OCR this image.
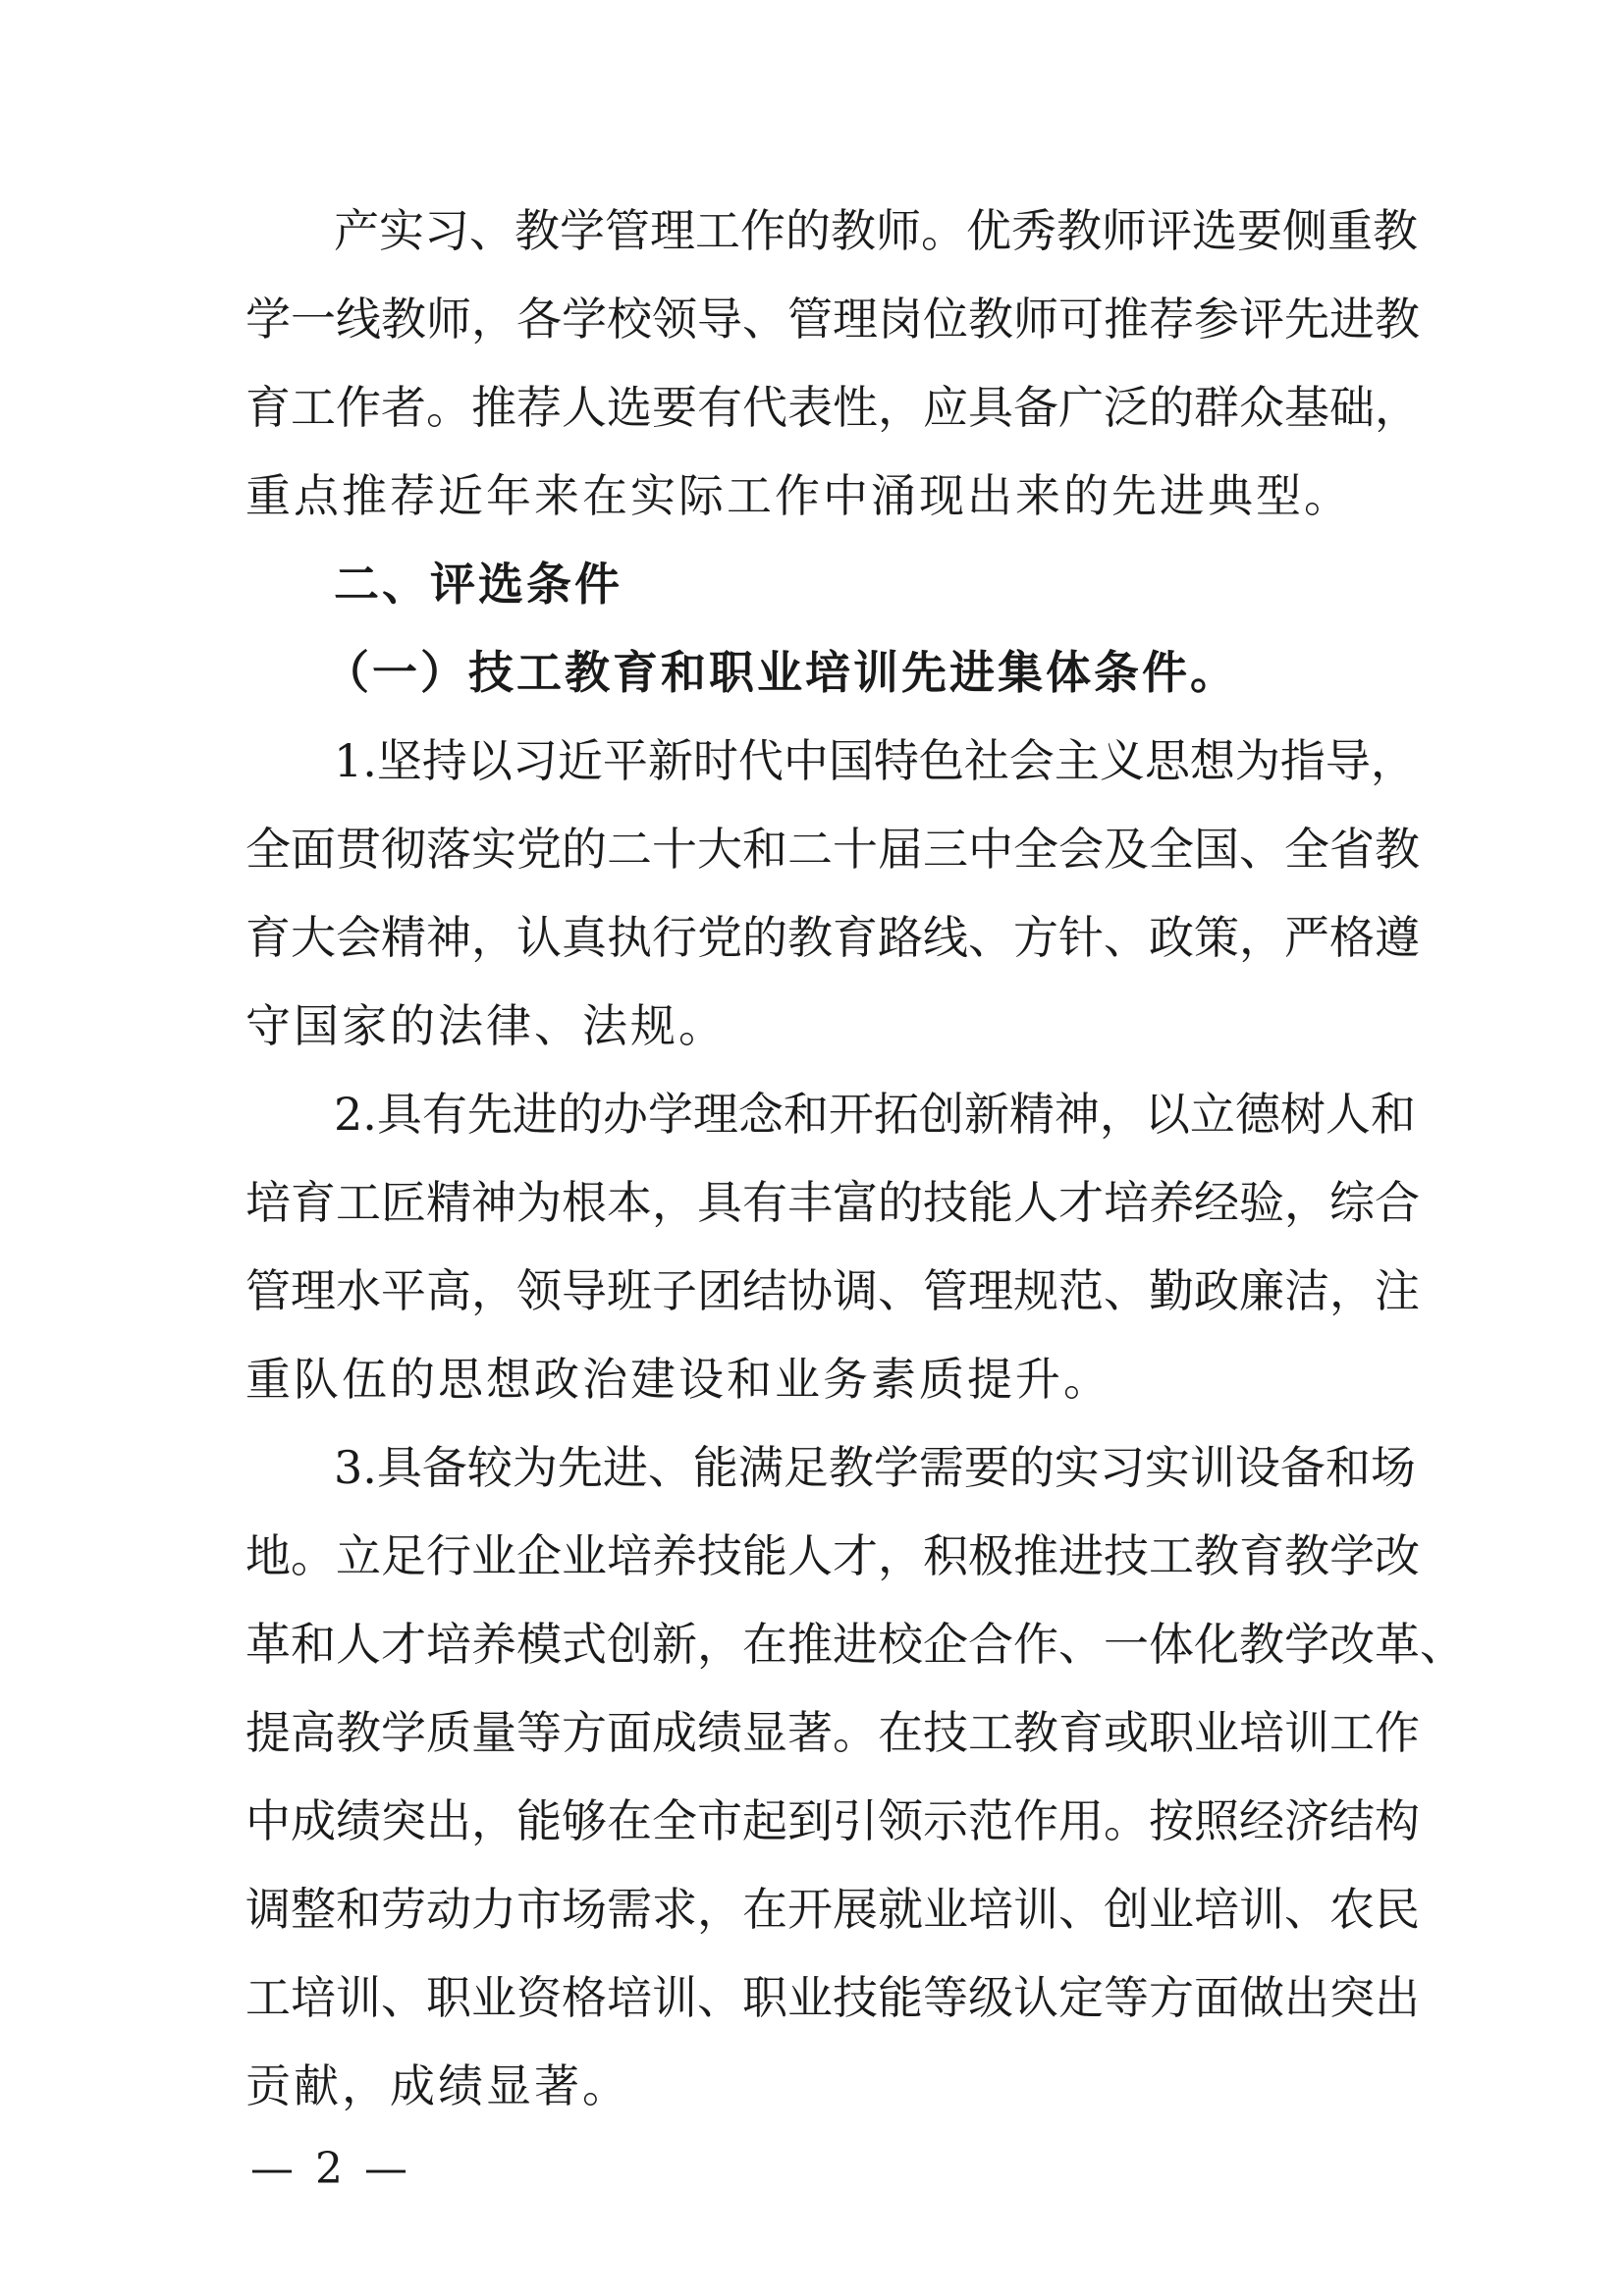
产实习、教学管理工作的教师。优秀教师评选要侧重教
学一线教师，各学校领导、管理岗位教师可推荐参评先进教
育工作者。推荐人选要有代表性，应具备广泛的群众基础，
重点推荐近年来在实际工作中涌现出来的先进典型。
二、评选条件
（一）技工教育和职业培训先进集体条件。
1.坚持以习近平新时代中国特色社会主义思想为指导，
全面贯彻落实党的二十大和二十届三中全会及全国、全省教
育大会精神，认真执行党的教育路线、方针、政策，严格遵
守国家的法律、法规。
2.具有先进的办学理念和开拓创新精神，以立德树人和
培育工匠精神为根本，具有丰富的技能人才培养经验，综合
管理水平高，领导班子团结协调、管理规范、勤政廉洁，注
重队伍的思想政治建设和业务素质提升。
3.具备较为先进、能满足教学需要的实习实训设备和场
地。立足行业企业培养技能人才，积极推进技工教育教学改
革和人才培养模式创新，在推进校企合作、一体化教学改革、
提高教学质量等方面成绩显著。在技工教育或职业培训工作
中成绩突出，能够在全市起到引领示范作用。按照经济结构
调整和劳动力市场需求，在开展就业培训、创业培训、农民
工培训、职业资格培训、职业技能等级认定等方面做出突出
贡献，成绩显著。
— 2 —
